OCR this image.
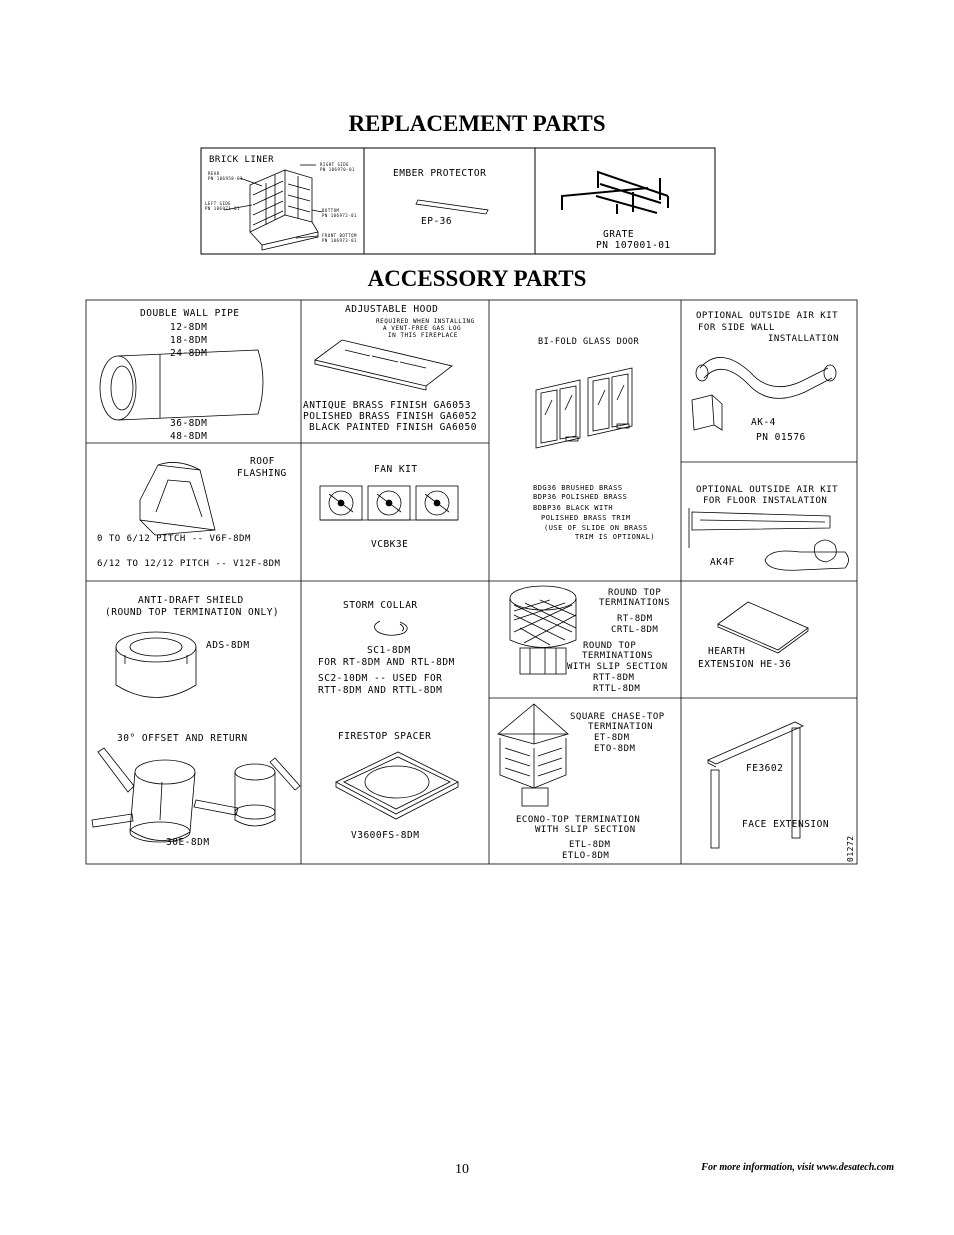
REPLACEMENT PARTS
ACCESSORY PARTS
BRICK LINER
REAR
PN 106958-01
RIGHT SIDE
PN 106970-01
LEFT SIDE
PN 106971-01	BOTTOM
PN 106972-01
FRONT BOTTOM
PN 106973-01
EMBER PROTECTOR
EP-36
GRATE
PN 107001-01
DOUBLE WALL PIPE
12-8DM
18-8DM
24-8DM
36-8DM
48-8DM
ADJUSTABLE HOOD
REQUIRED WHEN INSTALLING
A VENT-FREE GAS LOG
IN THIS FIREPLACE
ANTIQUE BRASS FINISH GA6053
POLISHED BRASS FINISH GA6052
BLACK PAINTED FINISH GA6050
BI-FOLD GLASS DOOR
BDG36 BRUSHED BRASS
BDP36 POLISHED BRASS
BDBP36 BLACK WITH
POLISHED BRASS TRIM
(USE OF SLIDE ON BRASS
TRIM IS OPTIONAL)
OPTIONAL OUTSIDE AIR KIT
FOR SIDE WALL
INSTALLATION
AK-4
PN 01576
ROOF
FLASHING
0 TO 6/12 PITCH -- V6F-8DM
6/12 TO 12/12 PITCH -- V12F-8DM
FAN KIT
VCBK3E
OPTIONAL OUTSIDE AIR KIT
FOR FLOOR INSTALATION
AK4F
ANTI-DRAFT SHIELD
(ROUND TOP TERMINATION ONLY)
ADS-8DM
STORM COLLAR
SC1-8DM
FOR RT-8DM AND RTL-8DM
SC2-10DM -- USED FOR
RTT-8DM AND RTTL-8DM
ROUND TOP
TERMINATIONS
RT-8DM
CRTL-8DM
ROUND TOP
TERMINATIONS
WITH SLIP SECTION
RTT-8DM
RTTL-8DM
HEARTH
EXTENSION HE-36
30° OFFSET AND RETURN
30E-8DM
FIRESTOP SPACER
V3600FS-8DM
SQUARE CHASE-TOP
TERMINATION
ET-8DM
ETO-8DM
ECONO-TOP TERMINATION
WITH SLIP SECTION
ETL-8DM
ETLO-8DM
FE3602
FACE EXTENSION
01272
10	For more information, visit www.desatech.com
